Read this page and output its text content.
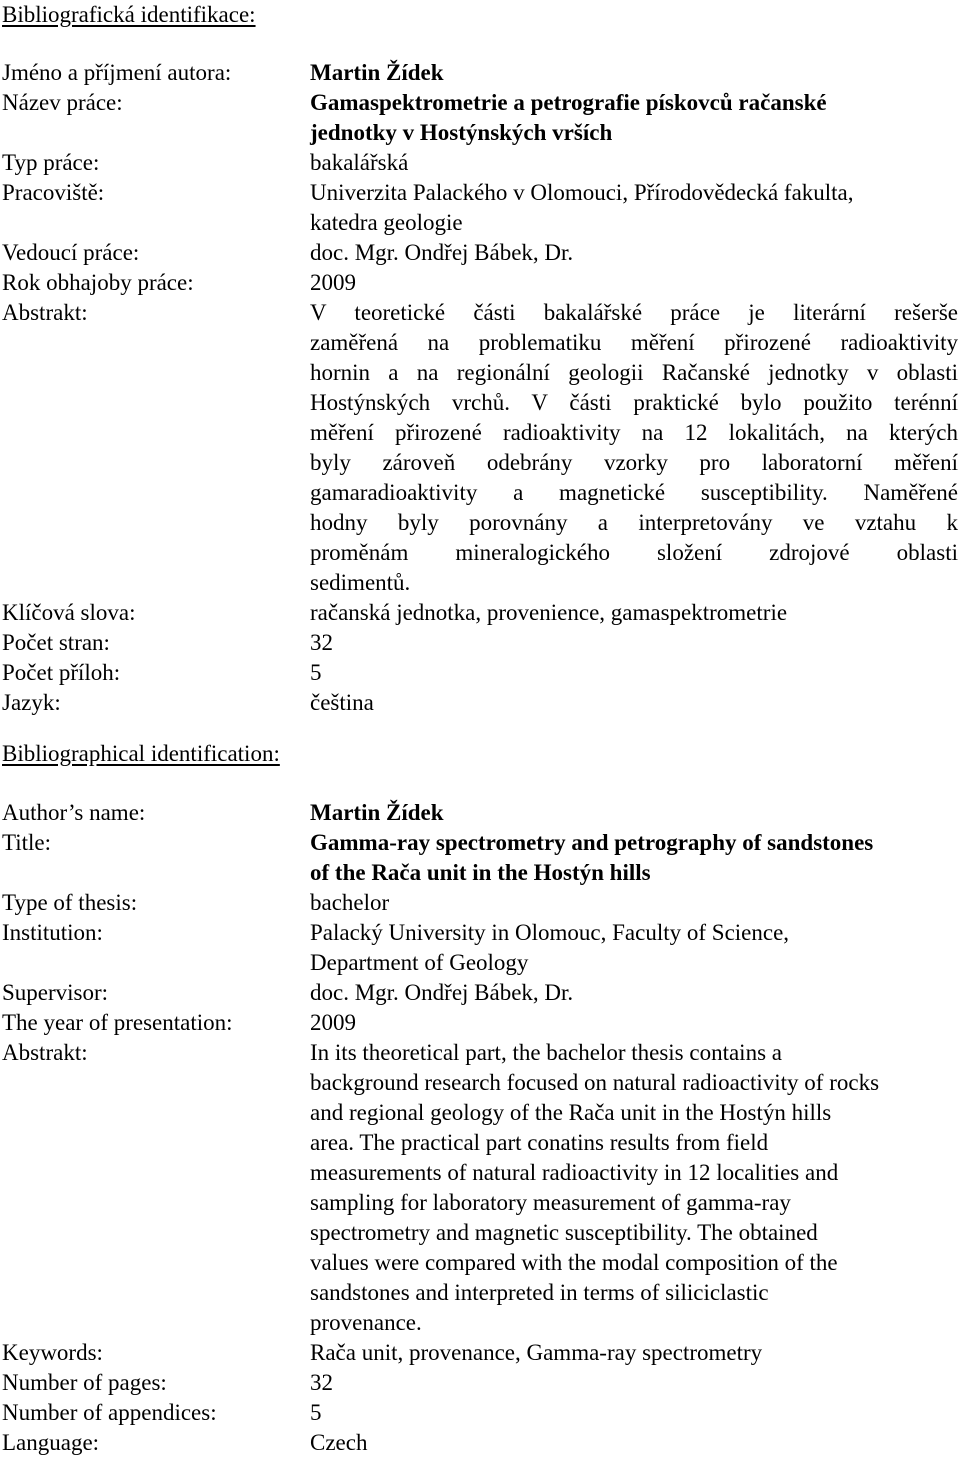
Bibliografická identifikace:
Jméno a příjmení autora:	Martin Žídek
Název práce:	Gamaspektrometrie a petrografie pískovců račanské
jednotky v Hostýnských vrších
Typ práce:	bakalářská
Pracoviště:	Univerzita Palackého v Olomouci, Přírodovědecká fakulta,
katedra geologie
Vedoucí práce:	doc. Mgr. Ondřej Bábek, Dr.
Rok obhajoby práce:	2009
Abstrakt:	V teoretické části bakalářské práce je literární rešerše
zaměřená na problematiku měření přirozené radioaktivity
hornin a na regionální geologii Račanské jednotky v oblasti
Hostýnských vrchů. V části praktické bylo použito terénní
měření přirozené radioaktivity na 12 lokalitách, na kterých
byly zároveň odebrány vzorky pro laboratorní měření
gamaradioaktivity a magnetické susceptibility. Naměřené
hodny byly porovnány a interpretovány ve vztahu k
proměnám mineralogického složení zdrojové oblasti
sedimentů.
Klíčová slova:	račanská jednotka, provenience, gamaspektrometrie
Počet stran:	32
Počet příloh:	5
Jazyk:	čeština
Bibliographical identification:
Author’s name:	Martin Žídek
Title:	Gamma-ray spectrometry and petrography of sandstones
of the Rača unit in the Hostýn hills
Type of thesis:	bachelor
Institution:	Palacký University in Olomouc, Faculty of Science,
Department of Geology
Supervisor:	doc. Mgr. Ondřej Bábek, Dr.
The year of presentation:	2009
Abstrakt:	In its theoretical part, the bachelor thesis contains a
background research focused on natural radioactivity of rocks
and regional geology of the Rača unit in the Hostýn hills
area. The practical part conatins results from field
measurements of natural radioactivity in 12 localities and
sampling for laboratory measurement of gamma-ray
spectrometry and magnetic susceptibility. The obtained
values were compared with the modal composition of the
sandstones and interpreted in terms of siliciclastic
provenance.
Keywords:	Rača unit, provenance, Gamma-ray spectrometry
Number of pages:	32
Number of appendices:	5
Language:	Czech
